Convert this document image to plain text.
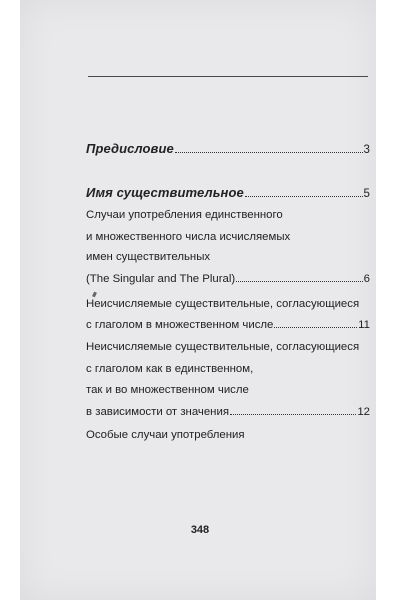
Предисловие	3
Имя существительное	5
Случаи употребления единственного
и множественного числа исчисляемых
имен существительных
(The Singular and The Plural)	6
Неисчисляемые существительные, согласующиеся
с глаголом в множественном числе	11
Неисчисляемые существительные, согласующиеся
с глаголом как в единственном,
так и во множественном числе
в зависимости от значения	12
Особые случаи употребления
348
